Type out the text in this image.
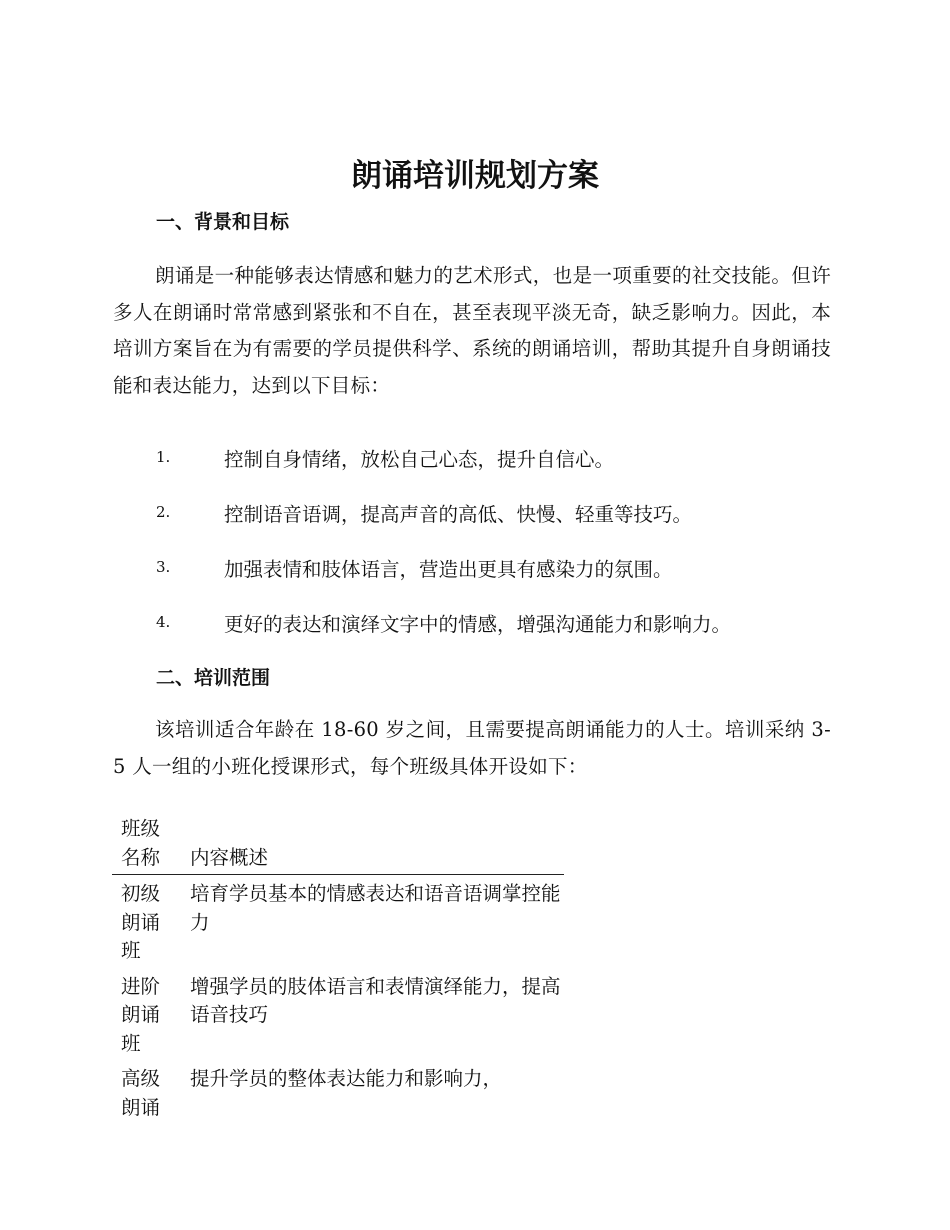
朗诵培训规划方案
一、背景和目标
朗诵是一种能够表达情感和魅力的艺术形式，也是一项重要的社交技能。但许多人在朗诵时常常感到紧张和不自在，甚至表现平淡无奇，缺乏影响力。因此，本培训方案旨在为有需要的学员提供科学、系统的朗诵培训，帮助其提升自身朗诵技能和表达能力，达到以下目标：
1.	控制自身情绪，放松自己心态，提升自信心。
2.	控制语音语调，提高声音的高低、快慢、轻重等技巧。
3.	加强表情和肢体语言，营造出更具有感染力的氛围。
4.	更好的表达和演绎文字中的情感，增强沟通能力和影响力。
二、培训范围
该培训适合年龄在 18-60 岁之间，且需要提高朗诵能力的人士。培训采纳 3-5 人一组的小班化授课形式，每个班级具体开设如下：
班级名称	内容概述
初级朗诵班	培育学员基本的情感表达和语音语调掌控能力
进阶朗诵班	增强学员的肢体语言和表情演绎能力，提高语音技巧
高级朗诵	提升学员的整体表达能力和影响力，
